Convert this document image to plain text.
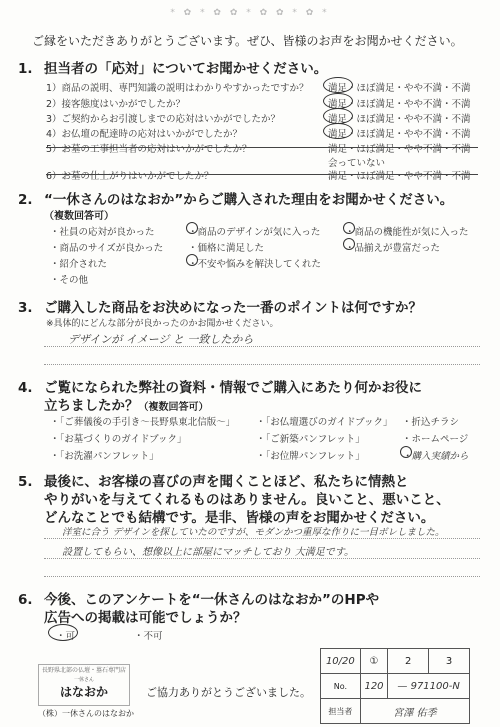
* ✿ * ✿ ✿ * ✿ ✿ * ✿ *
ご縁をいただきありがとうございます。ぜひ、皆様のお声をお聞かせください。
1. 担当者の「応対」についてお聞かせください。
1）商品の説明、専門知識の説明はわかりやすかったですか？ 満足・ほぼ満足・やや不満・不満
2）接客態度はいかがでしたか？	満足・ほぼ満足・やや不満・不満
3）ご契約からお引渡しまでの応対はいかがでしたか？	満足・ほぼ満足・やや不満・不満
4）お仏壇の配達時の応対はいかがでしたか？	満足・ほぼ満足・やや不満・不満
5）お墓の工事担当者の応対はいかがでしたか？	満足・ほぼ満足・やや不満・不満
会っていない
6）お墓の仕上がりはいかがでしたか？	満足・ほぼ満足・やや不満・不満
2. “一休さんのはなおか”からご購入された理由をお聞かせください。
（複数回答可）
・社員の応対が良かった	・商品のデザインが気に入った	・商品の機能性が気に入った
・商品のサイズが良かった	・価格に満足した	・品揃えが豊富だった
・紹介された	・不安や悩みを解決してくれた
・その他
3. ご購入した商品をお決めになった一番のポイントは何ですか？
※具体的にどんな部分が良かったのかお聞かせください。
デザインが イメージ と 一致したから
4. ご覧になられた弊社の資料・情報でご購入にあたり何かお役に
立ちましたか？（複数回答可）
・「ご葬儀後の手引き～長野県東北信版～」 ・「お仏壇選びのガイドブック」 ・折込チラシ
・「お墓づくりのガイドブック」	・「ご新築パンフレット」	・ホームページ
・「お洗濯パンフレット」	・「お位牌パンフレット」	・購入実績から
5. 最後に、お客様の喜びの声を聞くことほど、私たちに情熱と
やりがいを与えてくれるものはありません。良いこと、悪いこと、
どんなことでも結構です。是非、皆様の声をお聞かせください。
洋室に合う デザインを探していたのですが、モダンかつ重厚な作りに一目ボレしました。
設置してもらい、想像以上に部屋にマッチしており 大満足です。
6. 今後、このアンケートを“一休さんのはなおか”のHPや
広告への掲載は可能でしょうか？
・可	・不可
長野県北部の仏壇・墓石専門店
一休さん
はなおか
（株）一休さんのはなおか
ご協力ありがとうございました。
10/20	①	2	3
No.	120	— 971100-N	
担当者	宮澤 佑季		
